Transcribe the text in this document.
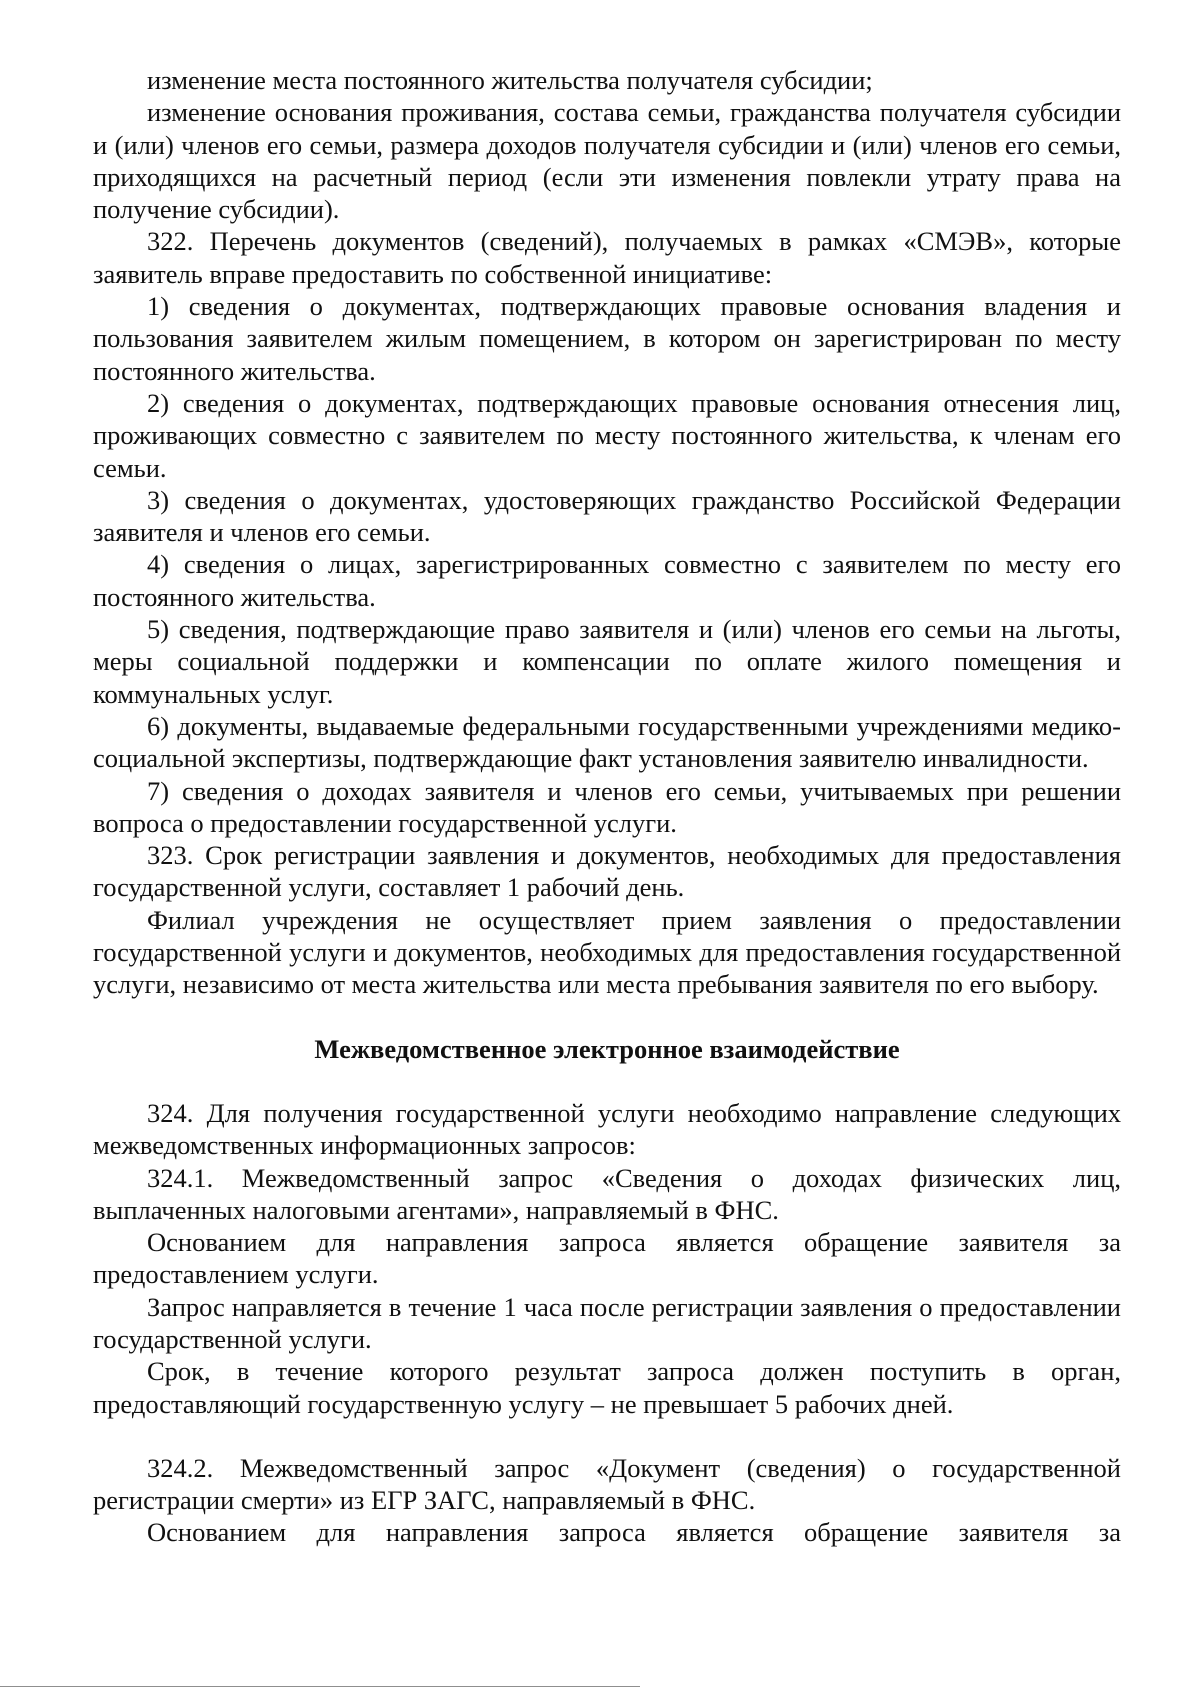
изменение места постоянного жительства получателя субсидии;

изменение основания проживания, состава семьи, гражданства получателя субсидии и (или) членов его семьи, размера доходов получателя субсидии и (или) членов его семьи, приходящихся на расчетный период (если эти изменения повлекли утрату права на получение субсидии).

322. Перечень документов (сведений), получаемых в рамках «СМЭВ», которые заявитель вправе предоставить по собственной инициативе:

1) сведения о документах, подтверждающих правовые основания владения и пользования заявителем жилым помещением, в котором он зарегистрирован по месту постоянного жительства.

2) сведения о документах, подтверждающих правовые основания отнесения лиц, проживающих совместно с заявителем по месту постоянного жительства, к членам его семьи.

3) сведения о документах, удостоверяющих гражданство Российской Федерации заявителя и членов его семьи.

4) сведения о лицах, зарегистрированных совместно с заявителем по месту его постоянного жительства.

5) сведения, подтверждающие право заявителя и (или) членов его семьи на льготы, меры социальной поддержки и компенсации по оплате жилого помещения и коммунальных услуг.

6) документы, выдаваемые федеральными государственными учреждениями медико-социальной экспертизы, подтверждающие факт установления заявителю инвалидности.

7) сведения о доходах заявителя и членов его семьи, учитываемых при решении вопроса о предоставлении государственной услуги.

323. Срок регистрации заявления и документов, необходимых для предоставления государственной услуги, составляет 1 рабочий день.

Филиал учреждения не осуществляет прием заявления о предоставлении государственной услуги и документов, необходимых для предоставления государственной услуги, независимо от места жительства или места пребывания заявителя по его выбору.

Межведомственное электронное взаимодействие

324. Для получения государственной услуги необходимо направление следующих межведомственных информационных запросов:

324.1. Межведомственный запрос «Сведения о доходах физических лиц, выплаченных налоговыми агентами», направляемый в ФНС.

Основанием для направления запроса является обращение заявителя за предоставлением услуги.

Запрос направляется в течение 1 часа после регистрации заявления о предоставлении государственной услуги.

Срок, в течение которого результат запроса должен поступить в орган, предоставляющий государственную услугу – не превышает 5 рабочих дней.

324.2. Межведомственный запрос «Документ (сведения) о государственной регистрации смерти» из ЕГР ЗАГС, направляемый в ФНС.

Основанием для направления запроса является обращение заявителя за
